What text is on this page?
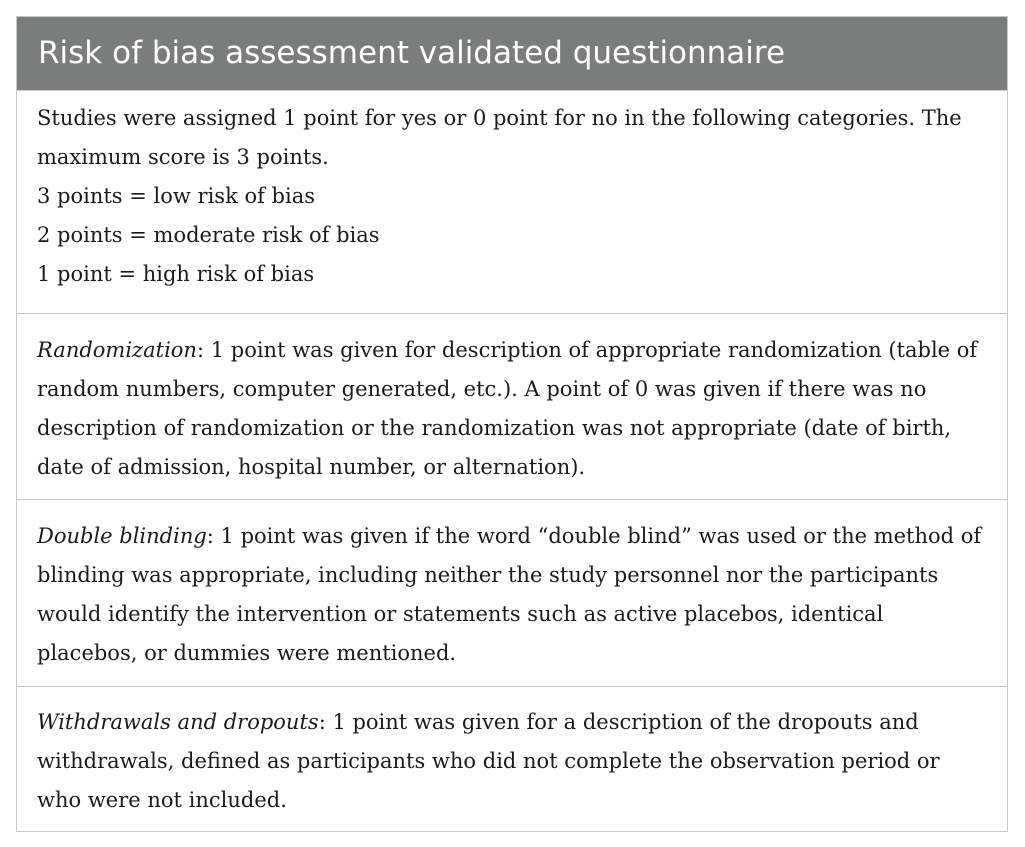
Risk of bias assessment validated questionnaire

Studies were assigned 1 point for yes or 0 point for no in the following categories. The maximum score is 3 points.

3 points = low risk of bias

2 points = moderate risk of bias

1 point = high risk of bias

Randomization: 1 point was given for description of appropriate randomization (table of random numbers, computer generated, etc.). A point of 0 was given if there was no description of randomization or the randomization was not appropriate (date of birth, date of admission, hospital number, or alternation).

Double blinding: 1 point was given if the word “double blind” was used or the method of blinding was appropriate, including neither the study personnel nor the participants would identify the intervention or statements such as active placebos, identical placebos, or dummies were mentioned.

Withdrawals and dropouts: 1 point was given for a description of the dropouts and withdrawals, defined as participants who did not complete the observation period or who were not included.
